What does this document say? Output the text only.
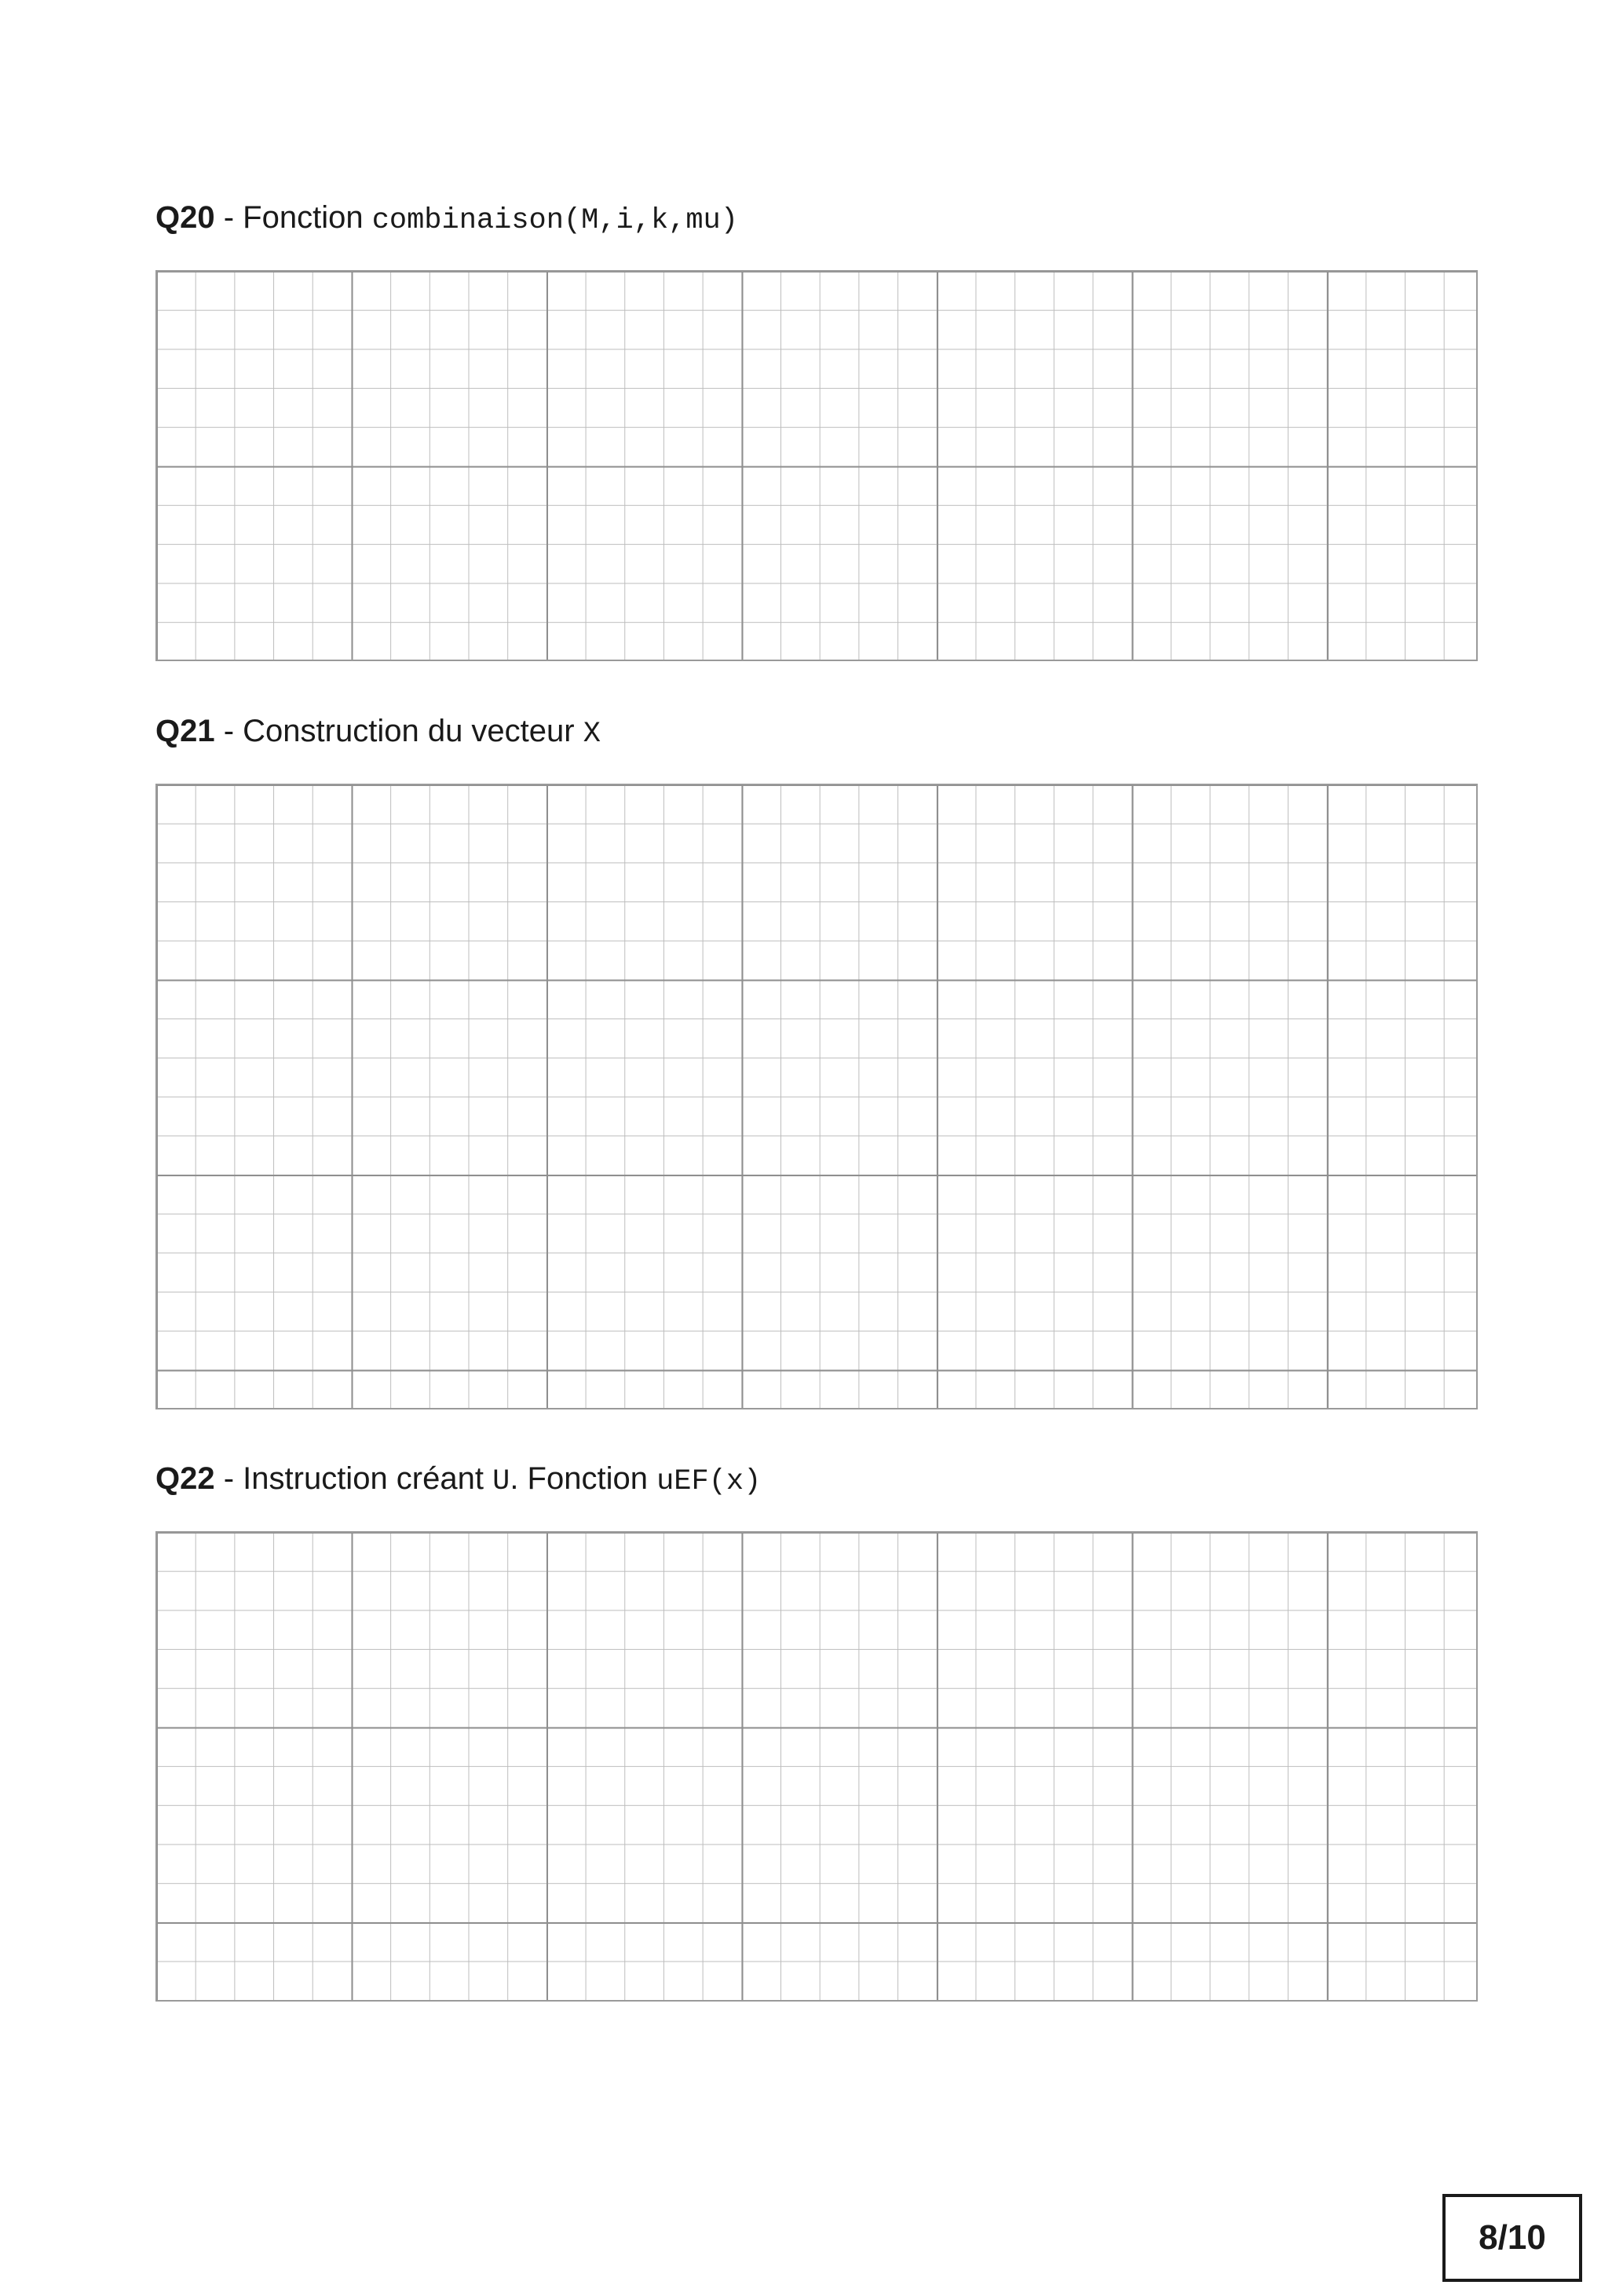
Q20 - Fonction combinaison(M,i,k,mu)
Q21 - Construction du vecteur X
Q22 - Instruction créant U. Fonction uEF(x)
8/10
